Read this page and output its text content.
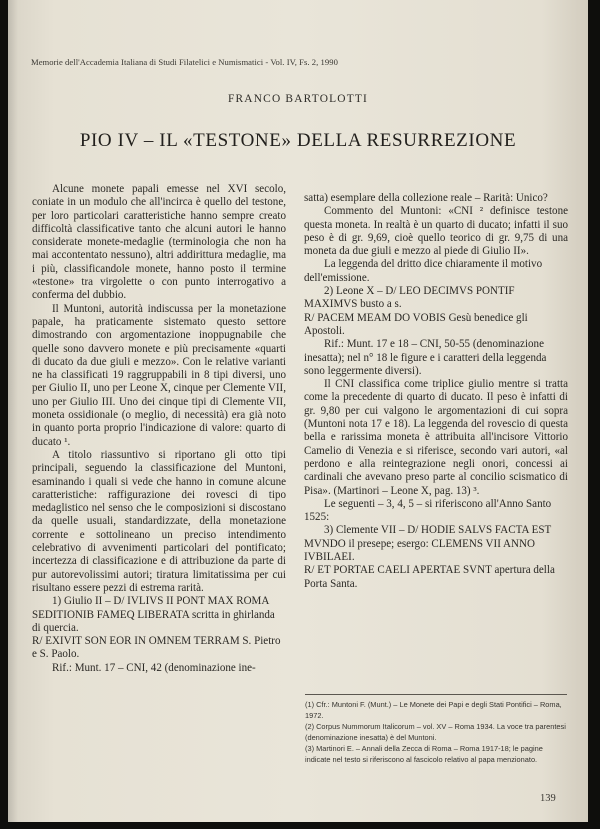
Memorie dell'Accademia Italiana di Studi Filatelici e Numismatici - Vol. IV, Fs. 2, 1990
FRANCO BARTOLOTTI
PIO IV – IL «TESTONE» DELLA RESURREZIONE

Alcune monete papali emesse nel XVI secolo, coniate in un modulo che all'incirca è quello del testone, per loro particolari caratteristiche hanno sempre creato difficoltà classificative tanto che alcuni autori le hanno considerate monete-medaglie (terminologia che non ha mai accontentato nessuno), altri addirittura medaglie, ma i più, classificandole monete, hanno posto il termine «testone» tra virgolette o con punto interrogativo a conferma del dubbio.

Il Muntoni, autorità indiscussa per la monetazione papale, ha praticamente sistemato questo settore dimostrando con argomentazione inoppugnabile che quelle sono davvero monete e più precisamente «quarti di ducato da due giuli e mezzo». Con le relative varianti ne ha classificati 19 raggruppabili in 8 tipi diversi, uno per Giulio II, uno per Leone X, cinque per Clemente VII, uno per Giulio III. Uno dei cinque tipi di Clemente VII, moneta ossidionale (o meglio, di necessità) era già noto in quanto porta proprio l'indicazione di valore: quarto di ducato ¹.

A titolo riassuntivo si riportano gli otto tipi principali, seguendo la classificazione del Muntoni, esaminando i quali si vede che hanno in comune alcune caratteristiche: raffigurazione dei rovesci di tipo medaglistico nel senso che le composizioni si discostano da quelle usuali, standardizzate, della monetazione corrente e sottolineano un preciso intendimento celebrativo di avvenimenti particolari del pontificato; incertezza di classificazione e di attribuzione da parte di pur autorevolissimi autori; tiratura limitatissima per cui risultano essere pezzi di estrema rarità.

1) Giulio II – D/ IVLIVS II PONT MAX ROMA SEDITIONIB FAMEQ LIBERATA scritta in ghirlanda di quercia.

R/ EXIVIT SON EOR IN OMNEM TERRAM S. Pietro e S. Paolo.

Rif.: Munt. 17 – CNI, 42 (denominazione ine-

satta) esemplare della collezione reale – Rarità: Unico?

Commento del Muntoni: «CNI ² definisce testone questa moneta. In realtà è un quarto di ducato; infatti il suo peso è di gr. 9,69, cioè quello teorico di gr. 9,75 di una moneta da due giuli e mezzo al piede di Giulio II».

La leggenda del dritto dice chiaramente il motivo dell'emissione.

2) Leone X – D/ LEO DECIMVS PONTIF MAXIMVS busto a s.

R/ PACEM MEAM DO VOBIS Gesù benedice gli Apostoli.

Rif.: Munt. 17 e 18 – CNI, 50-55 (denominazione inesatta); nel n° 18 le figure e i caratteri della leggenda sono leggermente diversi).

Il CNI classifica come triplice giulio mentre si tratta come la precedente di quarto di ducato. Il peso è infatti di gr. 9,80 per cui valgono le argomentazioni di cui sopra (Muntoni nota 17 e 18). La leggenda del rovescio di questa bella e rarissima moneta è attribuita all'incisore Vittorio Camelio di Venezia e si riferisce, secondo vari autori, «al perdono e alla reintegrazione negli onori, concessi ai cardinali che avevano preso parte al concilio scismatico di Pisa». (Martinori – Leone X, pag. 13) ³.

Le seguenti – 3, 4, 5 – si riferiscono all'Anno Santo 1525:

3) Clemente VII – D/ HODIE SALVS FACTA EST MVNDO il presepe; esergo: CLEMENS VII ANNO IVBILAEI.

R/ ET PORTAE CAELI APERTAE SVNT apertura della Porta Santa.

(1) Cfr.: Muntoni F. (Munt.) – Le Monete dei Papi e degli Stati Pontifici – Roma, 1972.

(2) Corpus Nummorum Italicorum – vol. XV – Roma 1934. La voce tra parentesi (denominazione inesatta) è del Muntoni.

(3) Martinori E. – Annali della Zecca di Roma – Roma 1917-18; le pagine indicate nel testo si riferiscono al fascicolo relativo al papa menzionato.

139
